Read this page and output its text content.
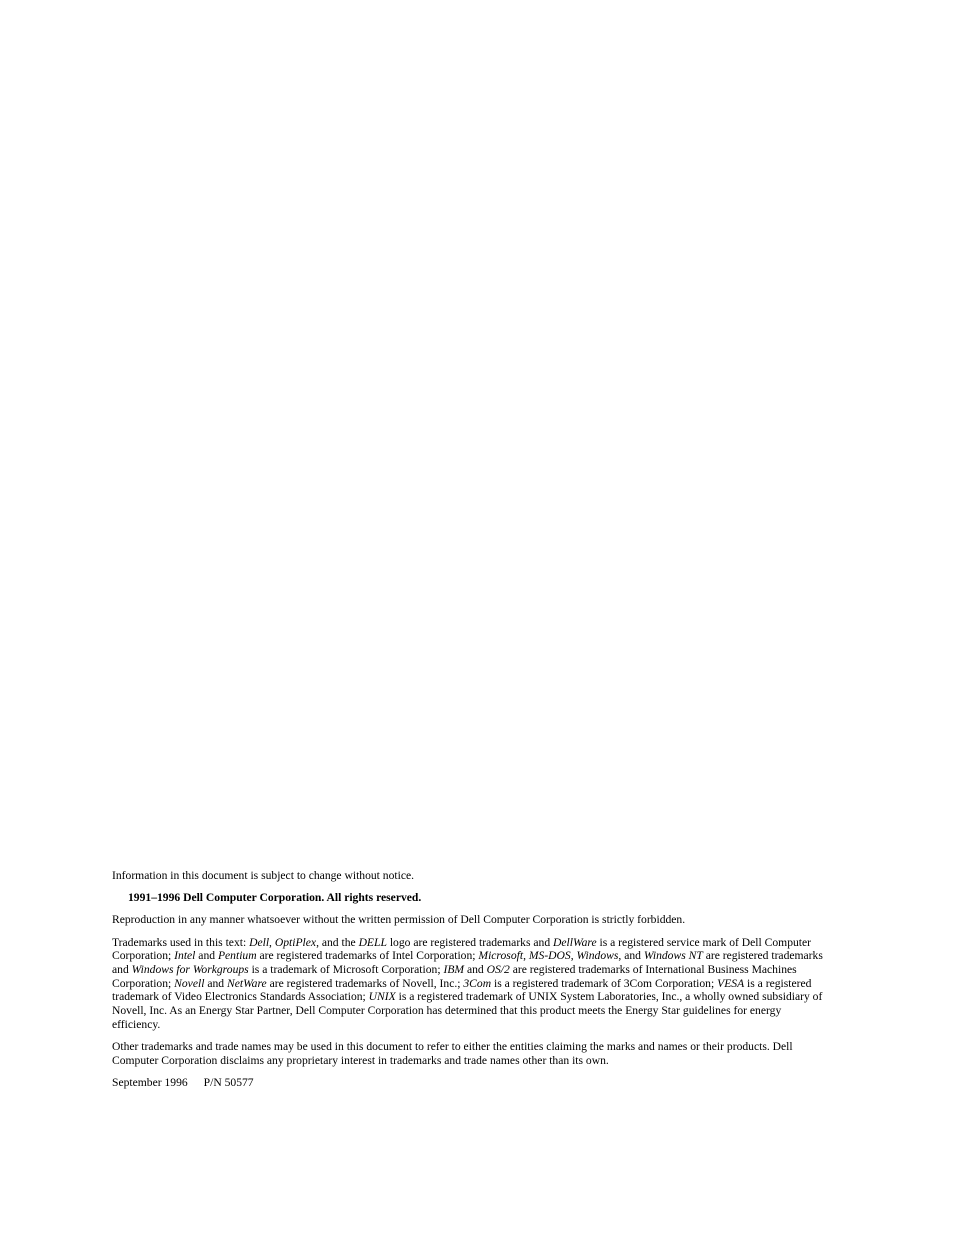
Information in this document is subject to change without notice.

1991–1996 Dell Computer Corporation. All rights reserved.

Reproduction in any manner whatsoever without the written permission of Dell Computer Corporation is strictly forbidden.

Trademarks used in this text: Dell, OptiPlex, and the DELL logo are registered trademarks and DellWare is a registered service mark of Dell Computer Corporation; Intel and Pentium are registered trademarks of Intel Corporation; Microsoft, MS-DOS, Windows, and Windows NT are registered trademarks and Windows for Workgroups is a trademark of Microsoft Corporation; IBM and OS/2 are registered trademarks of International Business Machines Corporation; Novell and NetWare are registered trademarks of Novell, Inc.; 3Com is a registered trademark of 3Com Corporation; VESA is a registered trademark of Video Electronics Standards Association; UNIX is a registered trademark of UNIX System Laboratories, Inc., a wholly owned subsidiary of Novell, Inc. As an Energy Star Partner, Dell Computer Corporation has determined that this product meets the Energy Star guidelines for energy efficiency.

Other trademarks and trade names may be used in this document to refer to either the entities claiming the marks and names or their products. Dell Computer Corporation disclaims any proprietary interest in trademarks and trade names other than its own.

September 1996 P/N 50577
